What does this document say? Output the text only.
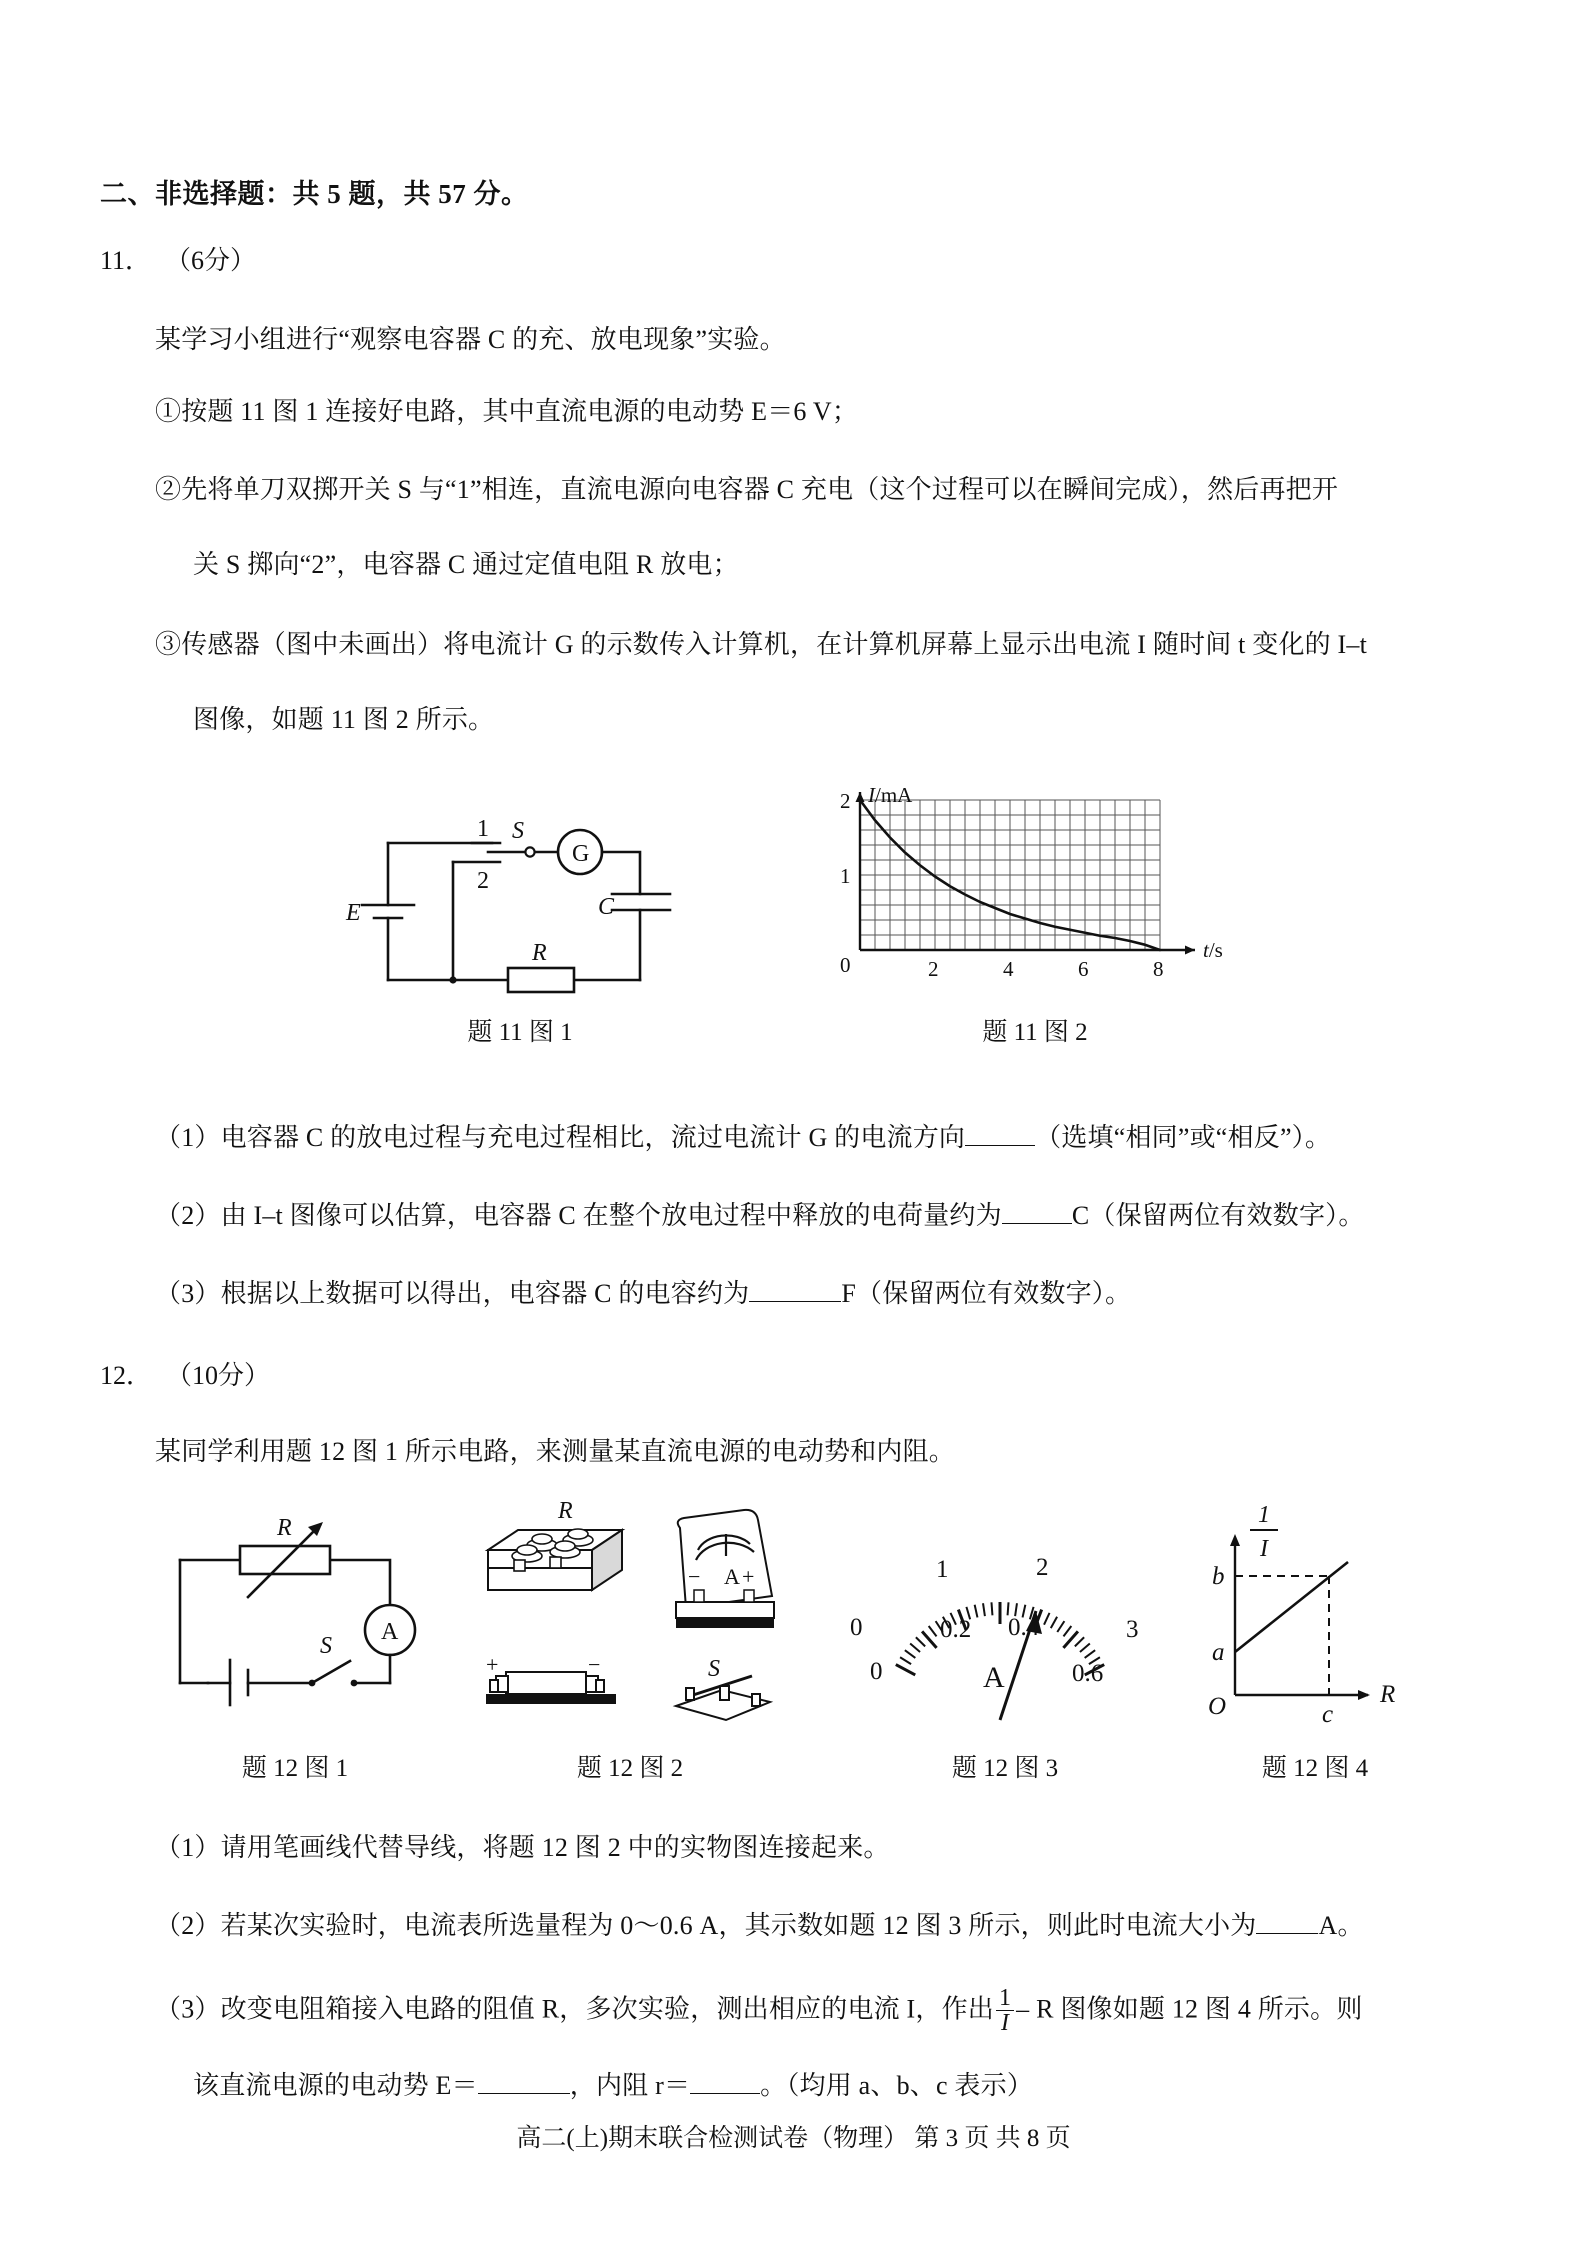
二、非选择题：共 5 题，共 57 分。
11． （6分）
某学习小组进行“观察电容器 C 的充、放电现象”实验。
①按题 11 图 1 连接好电路，其中直流电源的电动势 E＝6 V；
②先将单刀双掷开关 S 与“1”相连，直流电源向电容器 C 充电（这个过程可以在瞬间完成），然后再把开
关 S 掷向“2”，电容器 C 通过定值电阻 R 放电；
③传感器（图中未画出）将电流计 G 的示数传入计算机，在计算机屏幕上显示出电流 I 随时间 t 变化的 I–t
图像，如题 11 图 2 所示。
E	C
R
1
2
S
G
题 11 图 1
I/mA
t/s
0
2
1
2	4	6	8
题 11 图 2
（1）电容器 C 的放电过程与充电过程相比，流过电流计 G 的电流方向	（选填“相同”或“相反”）。
（2）由 I–t 图像可以估算，电容器 C 在整个放电过程中释放的电荷量约为	C（保留两位有效数字）。
（3）根据以上数据可以得出，电容器 C 的电容约为	F（保留两位有效数字）。
12． （10分）
某同学利用题 12 图 1 所示电路，来测量某直流电源的电动势和内阻。
R
S
A
R
A
− +
+	−	S
0
1	2
3
0
0.2 0.4
0.6
A
b
a
c
O	R
1
I
题 12 图 1	题 12 图 2	题 12 图 3	题 12 图 4
（1）请用笔画线代替导线，将题 12 图 2 中的实物图连接起来。
（2）若某次实验时，电流表所选量程为 0～0.6 A，其示数如题 12 图 3 所示，则此时电流大小为 A。
（3）改变电阻箱接入电路的阻值 R，多次实验，测出相应的电流 I，作出 $\frac{1}{I}$ – R 图像如题 12 图 4 所示。则
该直流电源的电动势 E＝	，内阻 r＝	。（均用 a、b、c 表示）
高二(上)期末联合检测试卷（物理） 第 3 页 共 8 页
